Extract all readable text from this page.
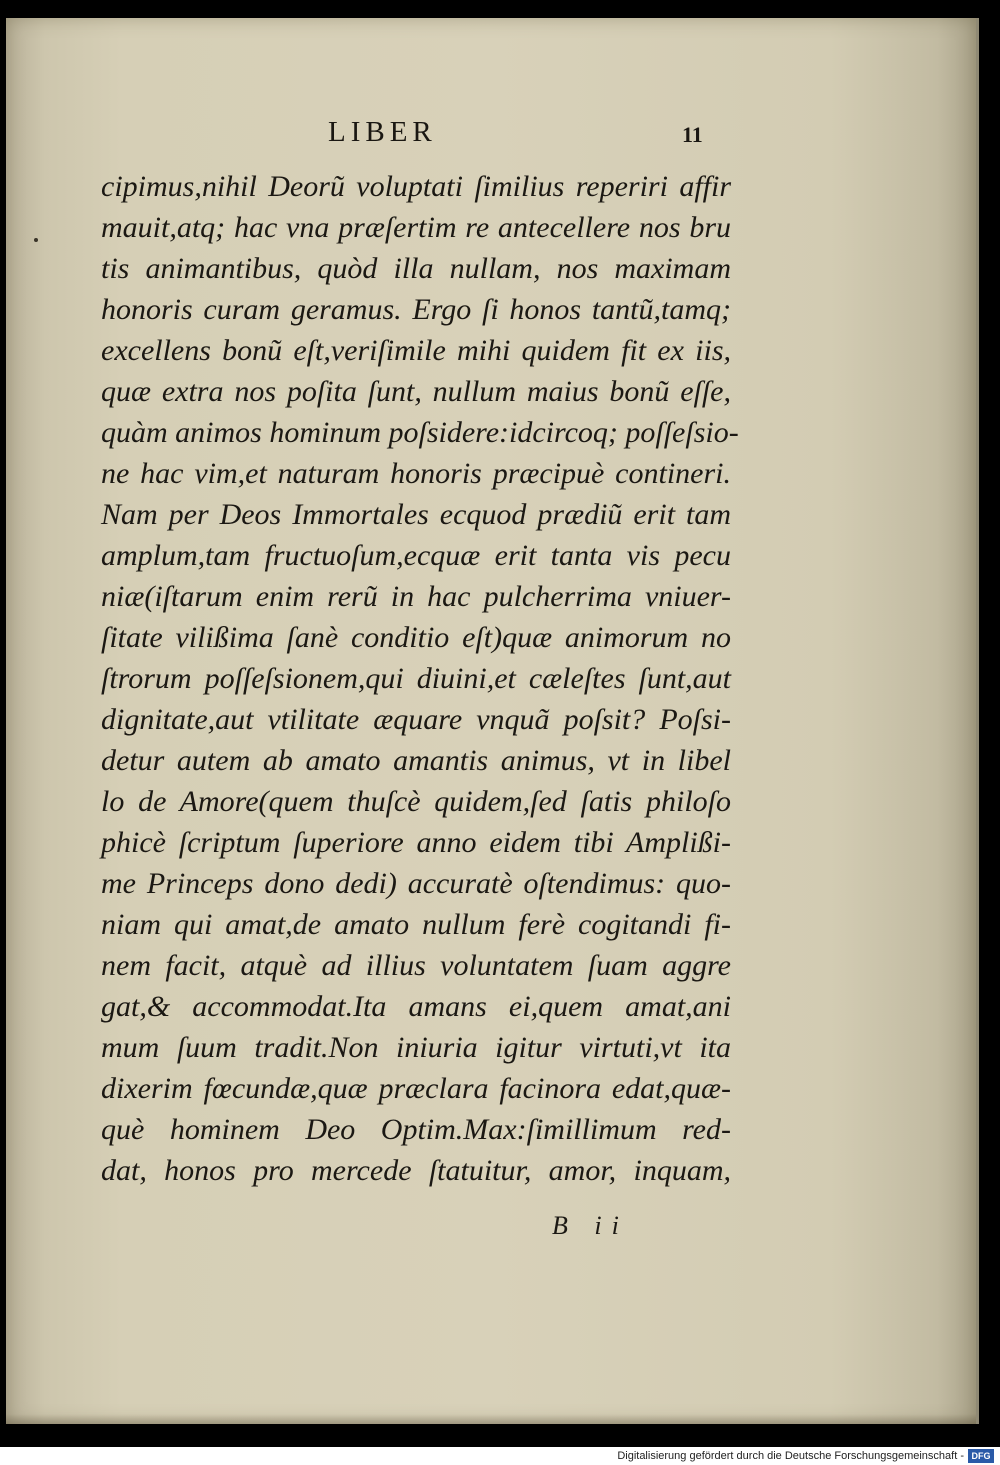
LIBER	11
cipimus,nihil Deorũ voluptati ſimilius reperiri affir
mauit,atq; hac vna præſertim re antecellere nos bru
tis animantibus, quòd illa nullam, nos maximam
honoris curam geramus. Ergo ſi honos tantũ,tamq;
excellens bonũ eſt,veriſimile mihi quidem fit ex iis,
quæ extra nos poſita ſunt, nullum maius bonũ eſſe,
quàm animos hominum poſsidere:idcircoq; poſſeſsio-
ne hac vim,et naturam honoris præcipuè contineri.
Nam per Deos Immortales ecquod prædiũ erit tam
amplum,tam fructuoſum,ecquæ erit tanta vis pecu
niæ(iſtarum enim rerũ in hac pulcherrima vniuer-
ſitate vilißima ſanè conditio eſt)quæ animorum no
ſtrorum poſſeſsionem,qui diuini,et cæleſtes ſunt,aut
dignitate,aut vtilitate æquare vnquã poſsit? Poſsi-
detur autem ab amato amantis animus, vt in libel
lo de Amore(quem thuſcè quidem,ſed ſatis philoſo
phicè ſcriptum ſuperiore anno eidem tibi Amplißi-
me Princeps dono dedi) accuratè oſtendimus: quo-
niam qui amat,de amato nullum ferè cogitandi fi-
nem facit, atquè ad illius voluntatem ſuam aggre
gat,& accommodat.Ita amans ei,quem amat,ani
mum ſuum tradit.Non iniuria igitur virtuti,vt ita
dixerim fœcundæ,quæ præclara facinora edat,quæ-
què hominem Deo Optim.Max:ſimillimum red-
dat, honos pro mercede ſtatuitur, amor, inquam,
B ii
Digitalisierung gefördert durch die Deutsche Forschungsgemeinschaft - DFG
